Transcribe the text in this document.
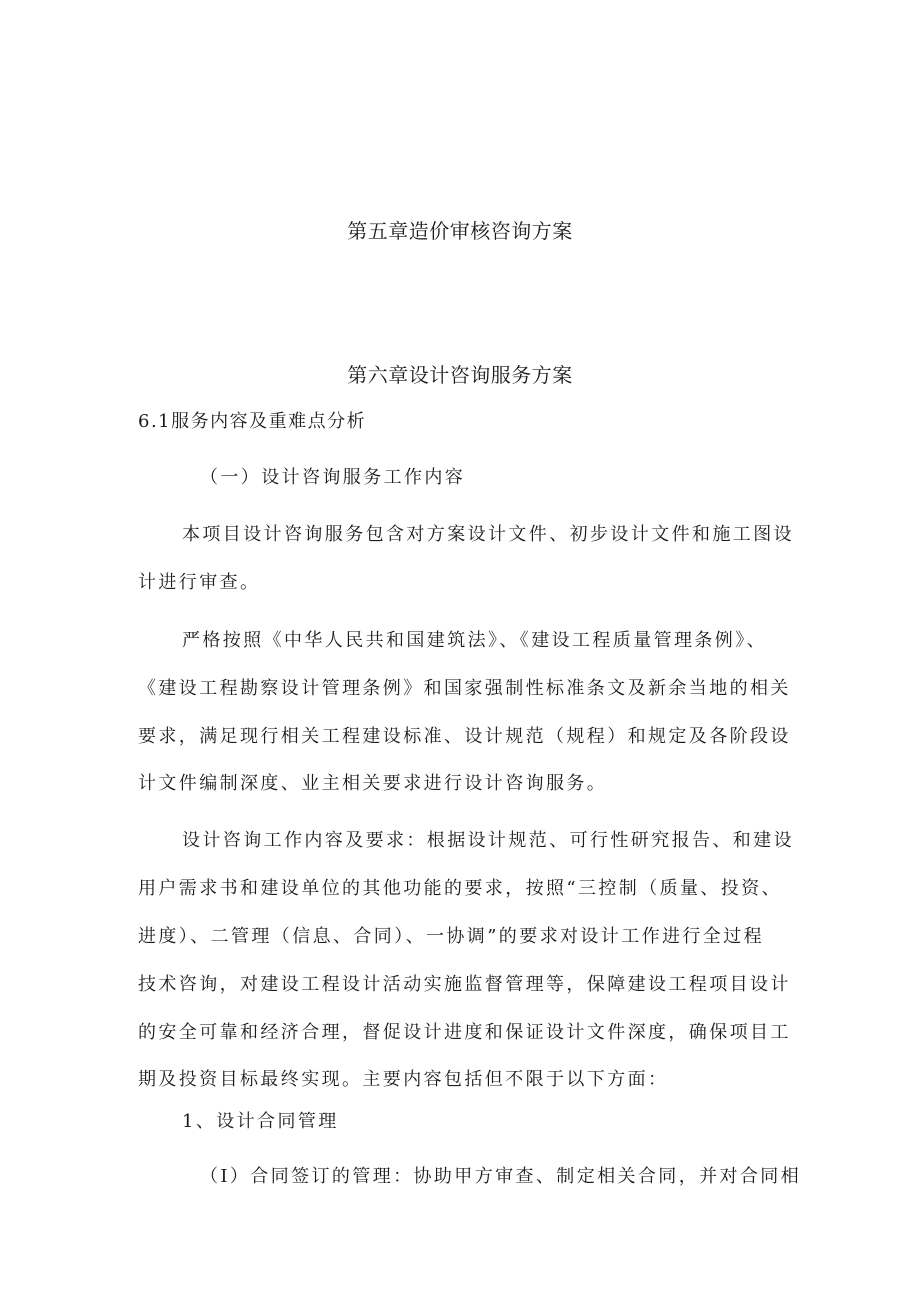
第五章造价审核咨询方案
第六章设计咨询服务方案
6.1服务内容及重难点分析
（一）设计咨询服务工作内容
本项目设计咨询服务包含对方案设计文件、初步设计文件和施工图设
计进行审查。
严格按照《中华人民共和国建筑法》、《建设工程质量管理条例》、
《建设工程勘察设计管理条例》和国家强制性标准条文及新余当地的相关
要求，满足现行相关工程建设标准、设计规范（规程）和规定及各阶段设
计文件编制深度、业主相关要求进行设计咨询服务。
设计咨询工作内容及要求：根据设计规范、可行性研究报告、和建设
用户需求书和建设单位的其他功能的要求，按照“三控制（质量、投资、
进度）、二管理（信息、合同）、一协调”的要求对设计工作进行全过程
技术咨询，对建设工程设计活动实施监督管理等，保障建设工程项目设计
的安全可靠和经济合理，督促设计进度和保证设计文件深度，确保项目工
期及投资目标最终实现。主要内容包括但不限于以下方面：
1、设计合同管理
（I）合同签订的管理：协助甲方审查、制定相关合同，并对合同相
